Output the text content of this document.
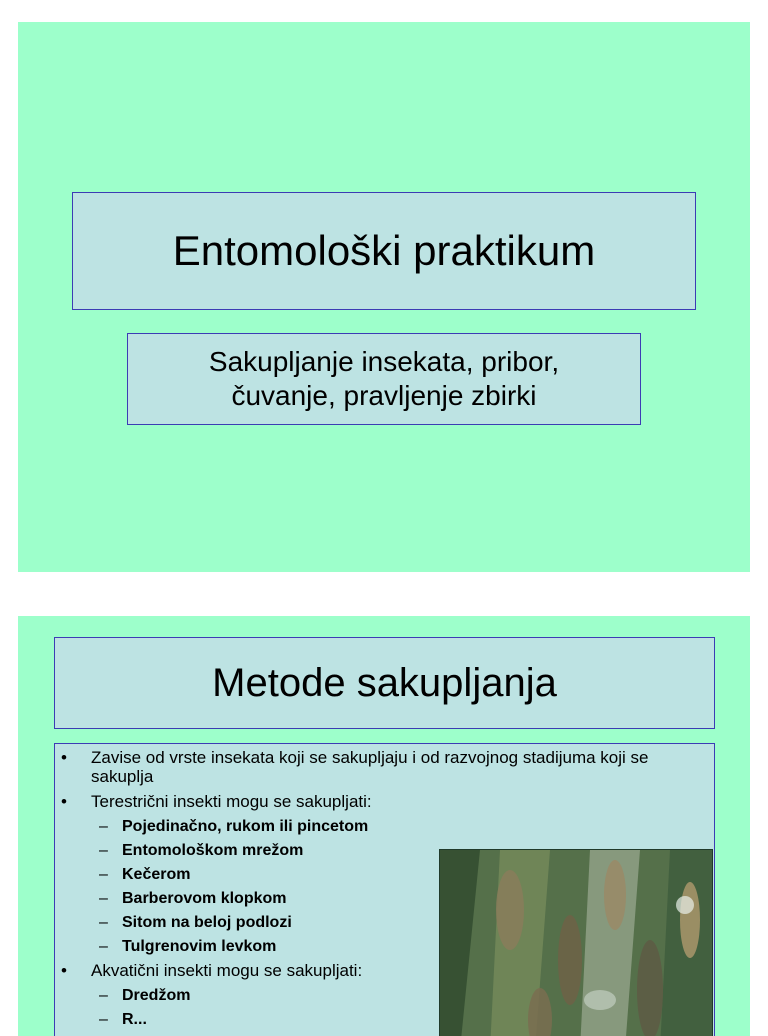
Entomološki praktikum
Sakupljanje insekata, pribor,
čuvanje, pravljenje zbirki
Metode sakupljanja
• Zavise od vrste insekata koji se sakupljaju i od razvojnog stadijuma koji se sakuplja
• Terestrični insekti mogu se sakupljati:
– Pojedinačno, rukom ili pincetom
– Entomološkom mrežom
– Kečerom
– Barberovom klopkom
– Sitom na beloj podlozi
– Tulgrenovim levkom
• Akvatični insekti mogu se sakupljati:
– Dredžom
– R...
